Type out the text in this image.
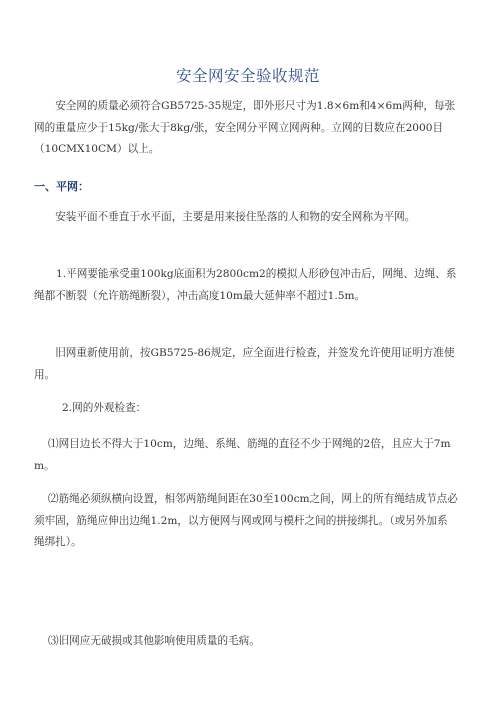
安全网安全验收规范
安全网的质量必须符合GB5725-35规定，即外形尺寸为1.8×6m和4×6m两种，每张网的重量应少于15kg/张大于8kg/张，安全网分平网立网两种。立网的目数应在2000目（10CMX10CM）以上。
一、平网：
安装平面不垂直于水平面，主要是用来接住坠落的人和物的安全网称为平网。
1.平网要能承受重100kg底面积为2800cm2的模拟人形砂包冲击后，网绳、边绳、系绳都不断裂（允许筋绳断裂），冲击高度10m最大延伸率不超过1.5m。
旧网重新使用前，按GB5725-86规定，应全面进行检查，并签发允许使用证明方准使用。
2.网的外观检查：
⑴网目边长不得大于10cm，边绳、系绳、筋绳的直径不少于网绳的2倍，且应大于7mm。
⑵筋绳必须纵横向设置，相邻两筋绳间距在30至100cm之间，网上的所有绳结成节点必须牢固，筋绳应伸出边绳1.2m，以方便网与网或网与模杆之间的拼接绑扎。（或另外加系绳绑扎）。
⑶旧网应无破损或其他影响使用质量的毛病。
